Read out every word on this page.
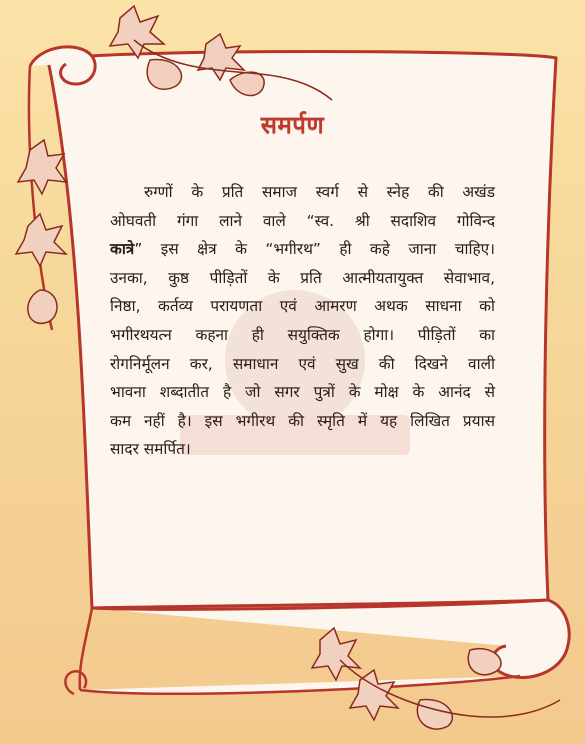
समर्पण
रुग्णों के प्रति समाज स्वर्ग से स्नेह की अखंड
ओघवती गंगा लाने वाले “स्व. श्री सदाशिव गोविन्द
कात्रे” इस क्षेत्र के “भगीरथ” ही कहे जाना चाहिए।
उनका, कुष्ठ पीड़ितों के प्रति आत्मीयतायुक्त सेवाभाव,
निष्ठा, कर्तव्य परायणता एवं आमरण अथक साधना को
भगीरथयत्न कहना ही सयुक्तिक होगा। पीड़ितों का
रोगनिर्मूलन कर, समाधान एवं सुख की दिखने वाली
भावना शब्दातीत है जो सगर पुत्रों के मोक्ष के आनंद से
कम नहीं है। इस भगीरथ की स्मृति में यह लिखित प्रयास
सादर समर्पित।
